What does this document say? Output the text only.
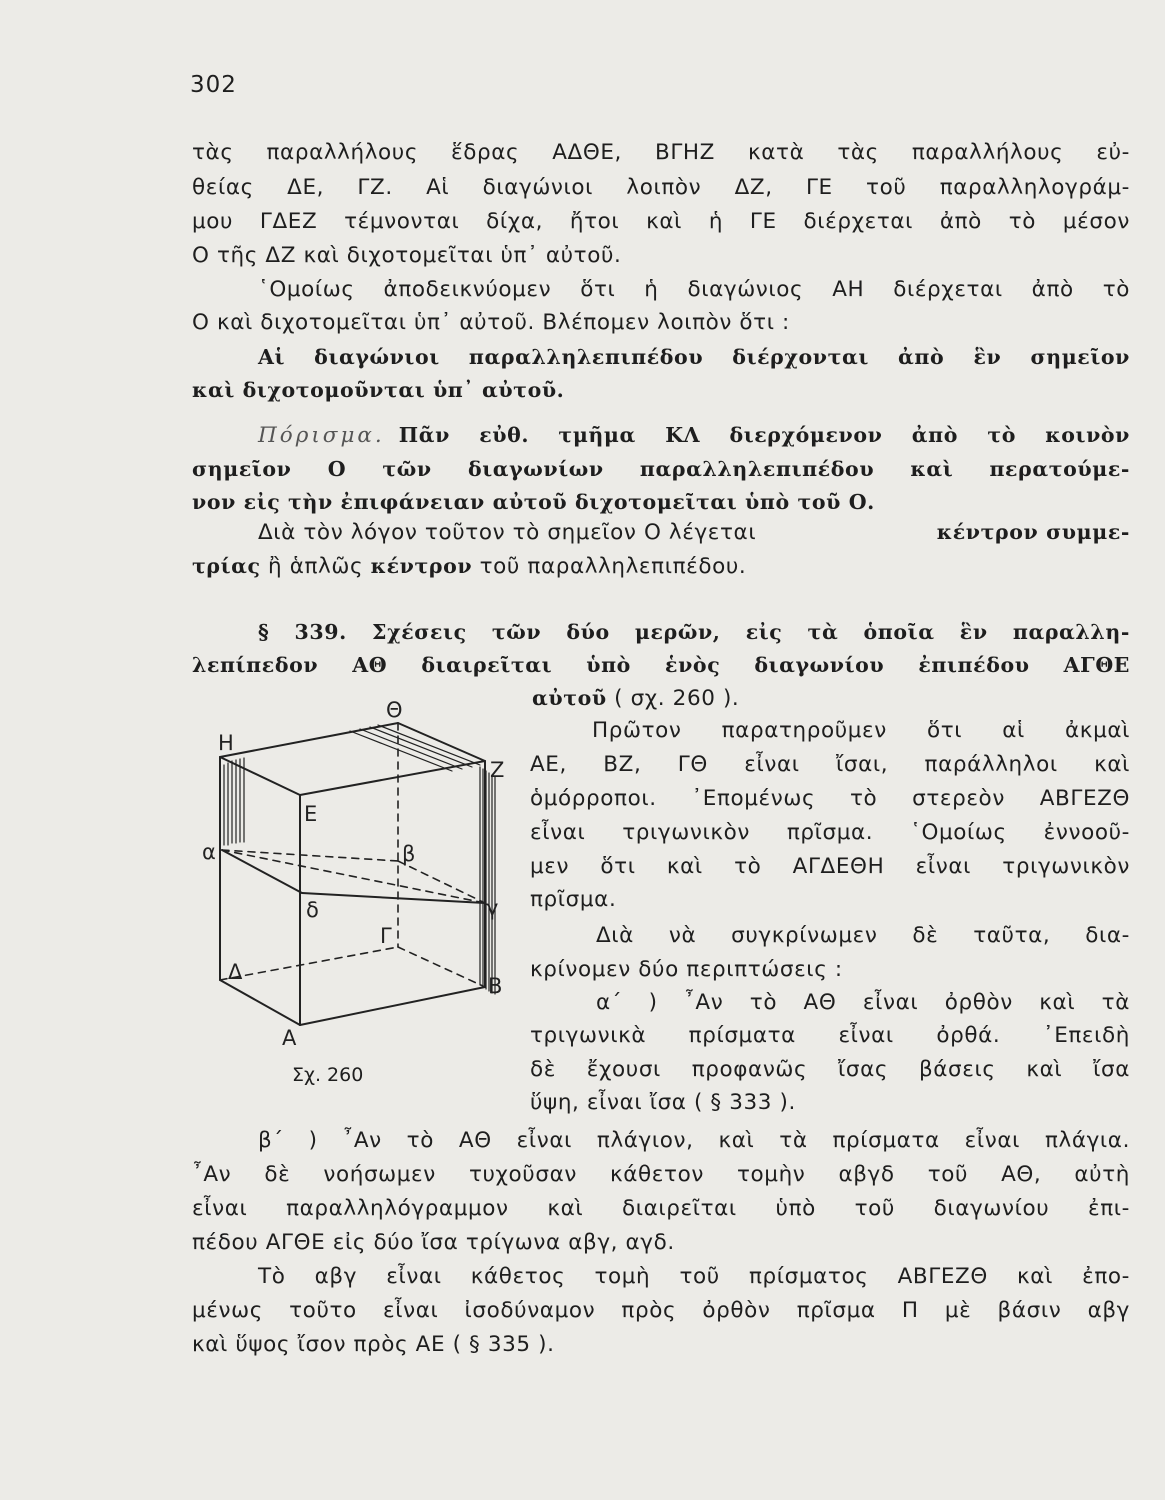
302
τὰς παραλλήλους ἕδρας ΑΔΘΕ, ΒΓΗΖ κατὰ τὰς παραλλήλους εὐ-
θείας ΔΕ, ΓΖ. Αἱ διαγώνιοι λοιπὸν ΔΖ, ΓΕ τοῦ παραλληλογράμ-
μου ΓΔΕΖ τέμνονται δίχα, ἤτοι καὶ ἡ ΓΕ διέρχεται ἀπὸ τὸ μέσον
Ο τῆς ΔΖ καὶ διχοτομεῖται ὑπ᾽ αὐτοῦ.
῾Ομοίως ἀποδεικνύομεν ὅτι ἡ διαγώνιος ΑΗ διέρχεται ἀπὸ τὸ
Ο καὶ διχοτομεῖται ὑπ᾽ αὐτοῦ. Βλέπομεν λοιπὸν ὅτι :
Αἱ διαγώνιοι παραλληλεπιπέδου διέρχονται ἀπὸ ἓν σημεῖον
καὶ διχοτομοῦνται ὑπ᾽ αὐτοῦ.
Πόρισμα. Πᾶν εὐθ. τμῆμα ΚΛ διερχόμενον ἀπὸ τὸ κοινὸν
σημεῖον Ο τῶν διαγωνίων παραλληλεπιπέδου καὶ περατούμε-
νον εἰς τὴν ἐπιφάνειαν αὐτοῦ διχοτομεῖται ὑπὸ τοῦ Ο.
Διὰ τὸν λόγον τοῦτον τὸ σημεῖον Ο λέγεται	κέντρον συμμε-
τρίας ἢ ἁπλῶς κέντρον τοῦ παραλληλεπιπέδου.
§ 339. Σχέσεις τῶν δύο μερῶν, εἰς τὰ ὁποῖα ἓν παραλλη-
λεπίπεδον ΑΘ διαιρεῖται ὑπὸ ἑνὸς διαγωνίου ἐπιπέδου ΑΓΘΕ
αὐτοῦ ( σχ. 260 ).
Πρῶτον παρατηροῦμεν ὅτι αἱ ἀκμαὶ
ΑΕ, ΒΖ, ΓΘ εἶναι ἴσαι, παράλληλοι καὶ
ὁμόρροποι. ᾽Επομένως τὸ στερεὸν ΑΒΓΕΖΘ
εἶναι τριγωνικὸν πρῖσμα. ῾Ομοίως ἐννοοῦ-
μεν ὅτι καὶ τὸ ΑΓΔΕΘΗ εἶναι τριγωνικὸν
πρῖσμα.
Διὰ νὰ συγκρίνωμεν δὲ ταῦτα, δια-
κρίνομεν δύο περιπτώσεις :
α΄ ) ῏Αν τὸ ΑΘ εἶναι ὀρθὸν καὶ τὰ
τριγωνικὰ πρίσματα εἶναι ὀρθά. ᾽Επειδὴ
δὲ ἔχουσι προφανῶς ἴσας βάσεις καὶ ἴσα
ὕψη, εἶναι ἴσα ( § 333 ).
Σχ. 260
Η
Θ
Ζ
Ε
α	β
δ	γ
Γ
Δ
Β
Α
β΄ ) ῏Αν τὸ ΑΘ εἶναι πλάγιον, καὶ τὰ πρίσματα εἶναι πλάγια.
῏Αν δὲ νοήσωμεν τυχοῦσαν κάθετον τομὴν αβγδ τοῦ ΑΘ, αὐτὴ
εἶναι παραλληλόγραμμον καὶ διαιρεῖται ὑπὸ τοῦ διαγωνίου ἐπι-
πέδου ΑΓΘΕ εἰς δύο ἴσα τρίγωνα αβγ, αγδ.
Τὸ αβγ εἶναι κάθετος τομὴ τοῦ πρίσματος ΑΒΓΕΖΘ καὶ ἐπο-
μένως τοῦτο εἶναι ἰσοδύναμον πρὸς ὀρθὸν πρῖσμα Π μὲ βάσιν αβγ
καὶ ὕψος ἴσον πρὸς ΑΕ ( § 335 ).
